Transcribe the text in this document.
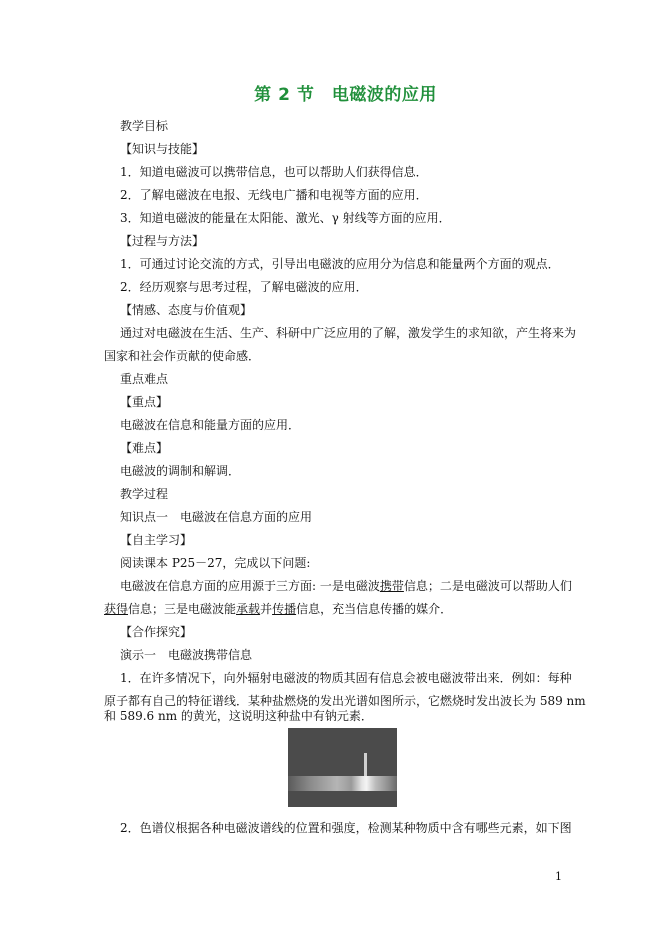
第 2 节　电磁波的应用
教学目标
【知识与技能】
1．知道电磁波可以携带信息，也可以帮助人们获得信息．
2．了解电磁波在电报、无线电广播和电视等方面的应用．
3．知道电磁波的能量在太阳能、激光、γ 射线等方面的应用．
【过程与方法】
1．可通过讨论交流的方式，引导出电磁波的应用分为信息和能量两个方面的观点．
2．经历观察与思考过程，了解电磁波的应用．
【情感、态度与价值观】
通过对电磁波在生活、生产、科研中广泛应用的了解，激发学生的求知欲，产生将来为
国家和社会作贡献的使命感．
重点难点
【重点】
电磁波在信息和能量方面的应用．
【难点】
电磁波的调制和解调．
教学过程
知识点一　电磁波在信息方面的应用
【自主学习】
阅读课本 P25－27，完成以下问题:
电磁波在信息方面的应用源于三方面: 一是电磁波携带信息；二是电磁波可以帮助人们
获得信息；三是电磁波能承载并传播信息，充当信息传播的媒介．
【合作探究】
演示一　电磁波携带信息
1．在许多情况下，向外辐射电磁波的物质其固有信息会被电磁波带出来．例如：每种
原子都有自己的特征谱线．某种盐燃烧的发出光谱如图所示，它燃烧时发出波长为 589 nm
和 589.6 nm 的黄光，这说明这种盐中有钠元素．
2．色谱仪根据各种电磁波谱线的位置和强度，检测某种物质中含有哪些元素，如下图
1
